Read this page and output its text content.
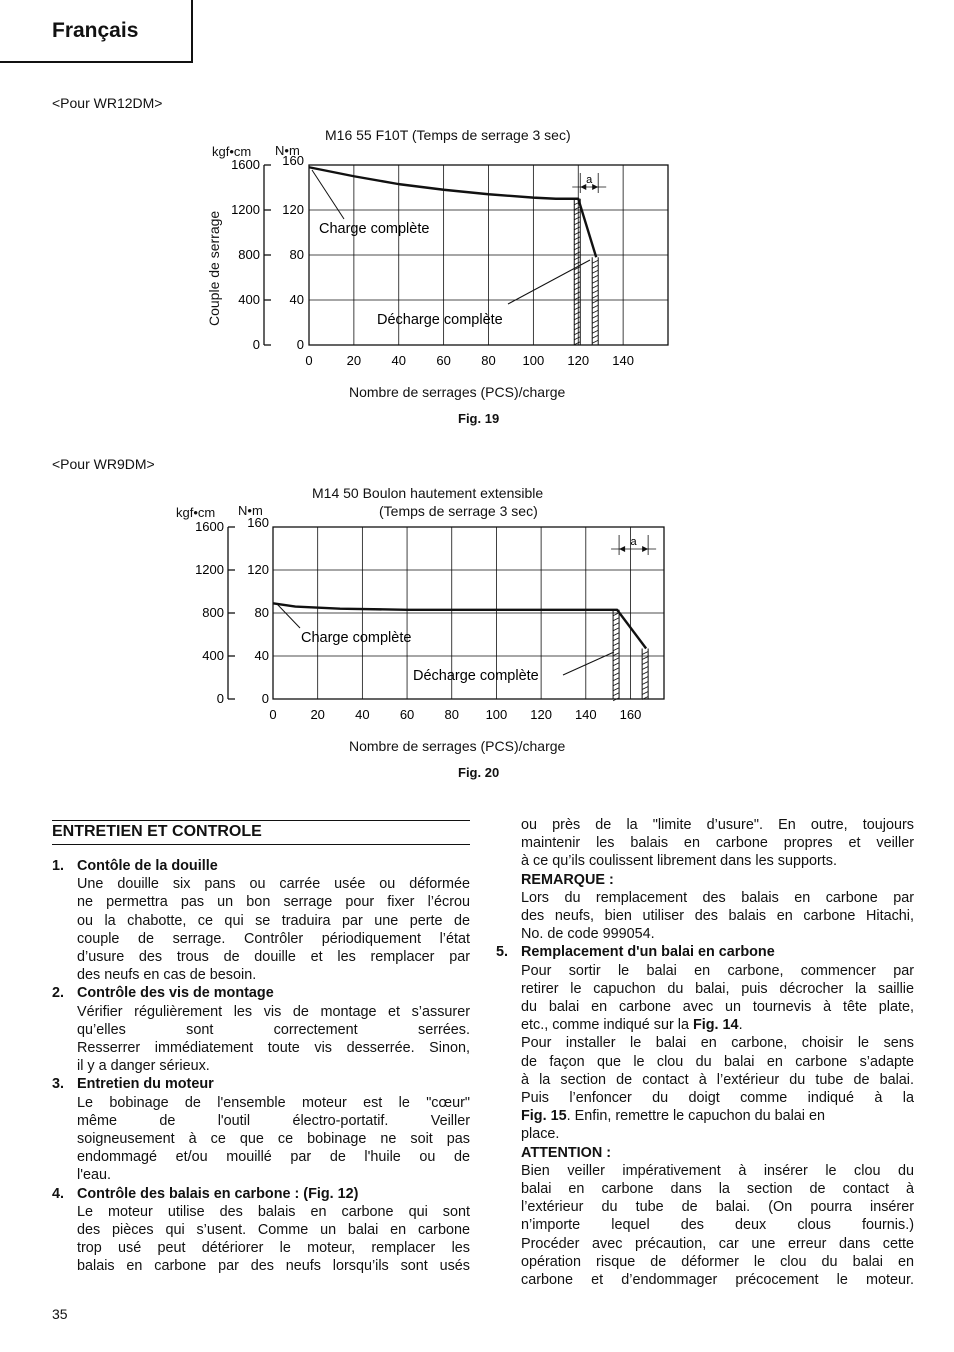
Français
<Pour WR12DM>
M16 55 F10T (Temps de serrage 3 sec)
kgf•cm N•m
Couple de serrage
Nombre de serrages (PCS)/charge
Fig. 19
0	20 40 60 80 100 120 140
0
40
80
120
160
0
400
800
1200
1600
a
Charge complète
Décharge complète
<Pour WR9DM>
M14 50 Boulon hautement extensible
(Temps de serrage 3 sec)
kgf•cm N•m
Nombre de serrages (PCS)/charge
Fig. 20
0	20 40 60 80 100 120 140 160
0
40
80
120
160
0
400
800
1200
1600
a
Charge complète
Décharge complète
ENTRETIEN ET CONTROLE
1. Contôle de la douille
Une douille six pans ou carrée usée ou déformée
ne permettra pas un bon serrage pour fixer l’écrou
ou la chabotte, ce qui se traduira par une perte de
couple de serrage. Contrôler périodiquement l’état
d’usure des trous de douille et les remplacer par
des neufs en cas de besoin.
2. Contrôle des vis de montage
Vérifier régulièrement les vis de montage et s’assurer
qu’elles sont correctement serrées.
Resserrer immédiatement toute vis desserrée. Sinon,
il y a danger sérieux.
3. Entretien du moteur
Le bobinage de l'ensemble moteur est le "cœur"
même de l'outil électro-portatif. Veiller
soigneusement à ce que ce bobinage ne soit pas
endommagé et/ou mouillé par de l'huile ou de
l'eau.
4. Contrôle des balais en carbone : (Fig. 12)
Le moteur utilise des balais en carbone qui sont
des pièces qui s’usent. Comme un balai en carbone
trop usé peut détériorer le moteur, remplacer les
balais en carbone par des neufs lorsqu’ils sont usés
ou près de la "limite d’usure". En outre, toujours
maintenir les balais en carbone propres et veiller
à ce qu’ils coulissent librement dans les supports.
REMARQUE :
Lors du remplacement des balais en carbone par
des neufs, bien utiliser des balais en carbone Hitachi,
No. de code 999054.
5. Remplacement d'un balai en carbone
Pour sortir le balai en carbone, commencer par
retirer le capuchon du balai, puis décrocher la saillie
du balai en carbone avec un tournevis à tête plate,
etc., comme indiqué sur la Fig. 14.
Pour installer le balai en carbone, choisir le sens
de façon que le clou du balai en carbone s’adapte
à la section de contact à l’extérieur du tube de balai.
Puis l’enfoncer du doigt comme indiqué à la
Fig. 15. Enfin, remettre le capuchon du balai en
place.
ATTENTION :
Bien veiller impérativement à insérer le clou du
balai en carbone dans la section de contact à
l’extérieur du tube de balai. (On pourra insérer
n’importe lequel des deux clous fournis.)
Procéder avec précaution, car une erreur dans cette
opération risque de déformer le clou du balai en
carbone et d’endommager précocement le moteur.
35
